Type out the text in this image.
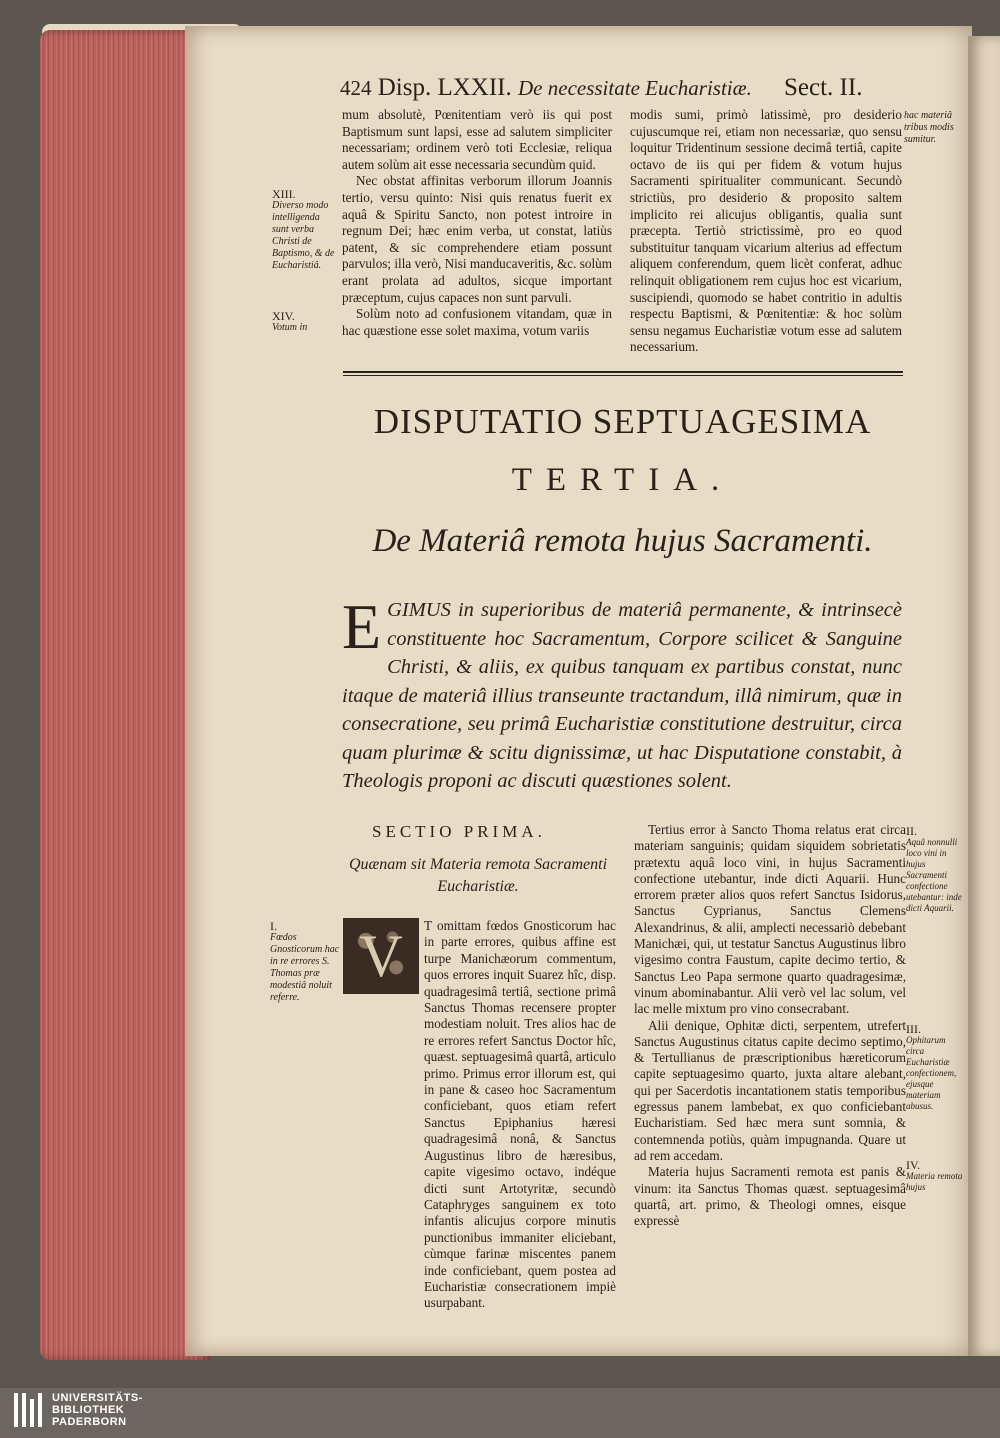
424 Disp. LXXII. De necessitate Eucharistiæ. Sect. II.

mum absolutè, Pœnitentiam verò iis qui post Baptismum sunt lapsi, esse ad salutem simpliciter necessariam; ordinem verò toti Ecclesiæ, reliqua autem solùm ait esse necessaria secundùm quid.

Nec obstat affinitas verborum illorum Joannis tertio, versu quinto: Nisi quis renatus fuerit ex aquâ & Spiritu Sancto, non potest introire in regnum Dei; hæc enim verba, ut constat, latiùs patent, & sic comprehendere etiam possunt parvulos; illa verò, Nisi manducaveritis, &c. solùm erant prolata ad adultos, sicque important præceptum, cujus capaces non sunt parvuli.

Solùm noto ad confusionem vitandam, quæ in hac quæstione esse solet maxima, votum variis

modis sumi, primò latissimè, pro desiderio cujuscumque rei, etiam non necessariæ, quo sensu loquitur Tridentinum sessione decimâ tertiâ, capite octavo de iis qui per fidem & votum hujus Sacramenti spiritualiter communicant. Secundò strictiùs, pro desiderio & proposito saltem implicito rei alicujus obligantis, qualia sunt præcepta. Tertiò strictissimè, pro eo quod substituitur tanquam vicarium alterius ad effectum aliquem conferendum, quem licèt conferat, adhuc relinquit obligationem rem cujus hoc est vicarium, suscipiendi, quomodo se habet contritio in adultis respectu Baptismi, & Pœnitentiæ: & hoc solùm sensu negamus Eucharistiæ votum esse ad salutem necessarium.

XIII.
Diverso modo intelligenda sunt verba Christi de Baptismo, & de Eucharistiâ.
XIV.
Votum in
hac materiâ tribus modis sumitur.
DISPUTATIO SEPTUAGESIMA
TERTIA.
De Materiâ remota hujus Sacramenti.
E GIMUS in superioribus de materiâ permanente, & intrinsecè constituente hoc Sacramentum, Corpore scilicet & Sanguine Christi, & aliis, ex quibus tanquam ex partibus constat, nunc itaque de materiâ illius transeunte tractandum, illâ nimirum, quæ in consecratione, seu primâ Eucharistiæ constitutione destruitur, circa quam plurimæ & scitu dignissimæ, ut hac Disputatione constabit, à Theologis proponi ac discuti quæstiones solent.
SECTIO PRIMA.
Quænam sit Materia remota Sacramenti Eucharistiæ.
V	T omittam fœdos Gnosticorum hac in parte errores, quibus affine est turpe Manichæorum commentum, quos errores inquit Suarez hîc, disp. quadragesimâ tertiâ, sectione primâ Sanctus Thomas recensere propter modestiam noluit. Tres alios hac de re errores refert Sanctus Doctor hîc, quæst. septuagesimâ quartâ, articulo primo. Primus error illorum est, qui in pane & caseo hoc Sacramentum conficiebant, quos etiam refert Sanctus Epiphanius hæresi quadragesimâ nonâ, & Sanctus Augustinus libro de hæresibus, capite vigesimo octavo, indéque dicti sunt Artotyritæ, secundò Cataphryges sanguinem ex toto infantis alicujus corpore minutis punctionibus immaniter eliciebant, cùmque farinæ miscentes panem inde conficiebant, quem postea ad Eucharistiæ consecrationem impiè usurpabant.

Tertius error à Sancto Thoma relatus erat circa materiam sanguinis; quidam siquidem sobrietatis prætextu aquâ loco vini, in hujus Sacramenti confectione utebantur, inde dicti Aquarii. Hunc errorem præter alios quos refert Sanctus Isidorus, Sanctus Cyprianus, Sanctus Clemens Alexandrinus, & alii, amplecti necessariò debebant Manichæi, qui, ut testatur Sanctus Augustinus libro vigesimo contra Faustum, capite decimo tertio, & Sanctus Leo Papa sermone quarto quadragesimæ, vinum abominabantur. Alii verò vel lac solum, vel lac melle mixtum pro vino consecrabant.

Alii denique, Ophitæ dicti, serpentem, utrefert Sanctus Augustinus citatus capite decimo septimo, & Tertullianus de præscriptionibus hæreticorum capite septuagesimo quarto, juxta altare alebant, qui per Sacerdotis incantationem statis temporibus egressus panem lambebat, ex quo conficiebant Eucharistiam. Sed hæc mera sunt somnia, & contemnenda potiùs, quàm impugnanda. Quare ut ad rem accedam.

Materia hujus Sacramenti remota est panis & vinum: ita Sanctus Thomas quæst. septuagesimâ quartâ, art. primo, & Theologi omnes, eisque expressè

I.
Fœdos Gnosticorum hac in re errores S. Thomas præ modestiâ noluit referre.
II.
Aquâ nonnulli loco vini in hujus Sacramenti confectione utebantur: inde dicti Aquarii.
III.
Ophitarum circa Eucharistiæ confectionem, ejusque materiam abusus.
IV.
Materia remota hujus
UNIVERSITÄTS-
BIBLIOTHEK
PADERBORN
